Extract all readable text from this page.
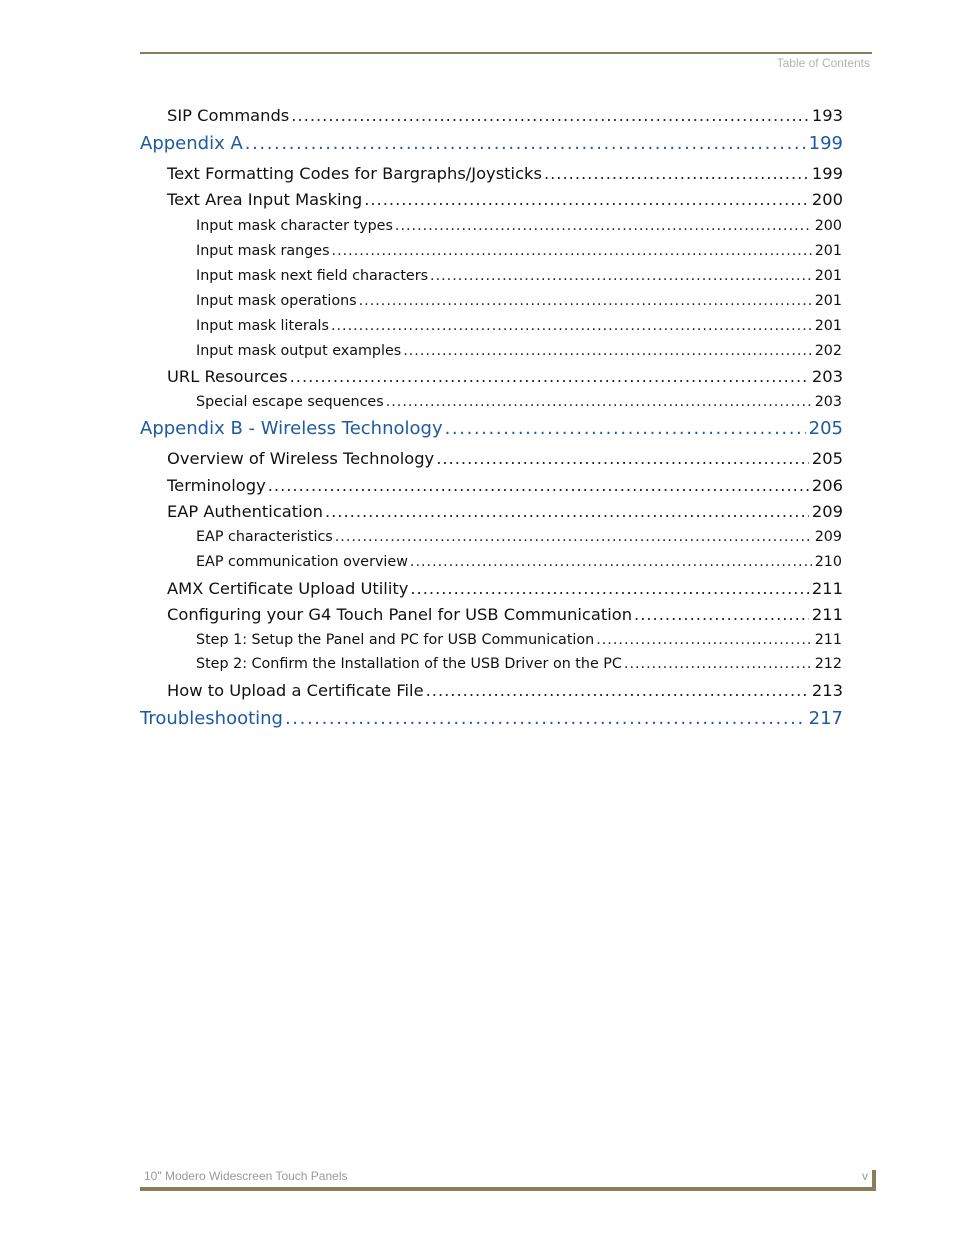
Table of Contents
SIP Commands .....	193
Appendix A .....	199
Text Formatting Codes for Bargraphs/Joysticks .....	199
Text Area Input Masking .....	200
Input mask character types .....	200
Input mask ranges .....	201
Input mask next field characters .....	201
Input mask operations .....	201
Input mask literals .....	201
Input mask output examples .....	202
URL Resources .....	203
Special escape sequences .....	203
Appendix B - Wireless Technology .....	205
Overview of Wireless Technology .....	205
Terminology .....	206
EAP Authentication .....	209
EAP characteristics .....	209
EAP communication overview .....	210
AMX Certificate Upload Utility .....	211
Configuring your G4 Touch Panel for USB Communication .....	211
Step 1: Setup the Panel and PC for USB Communication .....	211
Step 2: Confirm the Installation of the USB Driver on the PC .....	212
How to Upload a Certificate File .....	213
Troubleshooting .....	217
10" Modero Widescreen Touch Panels	v
